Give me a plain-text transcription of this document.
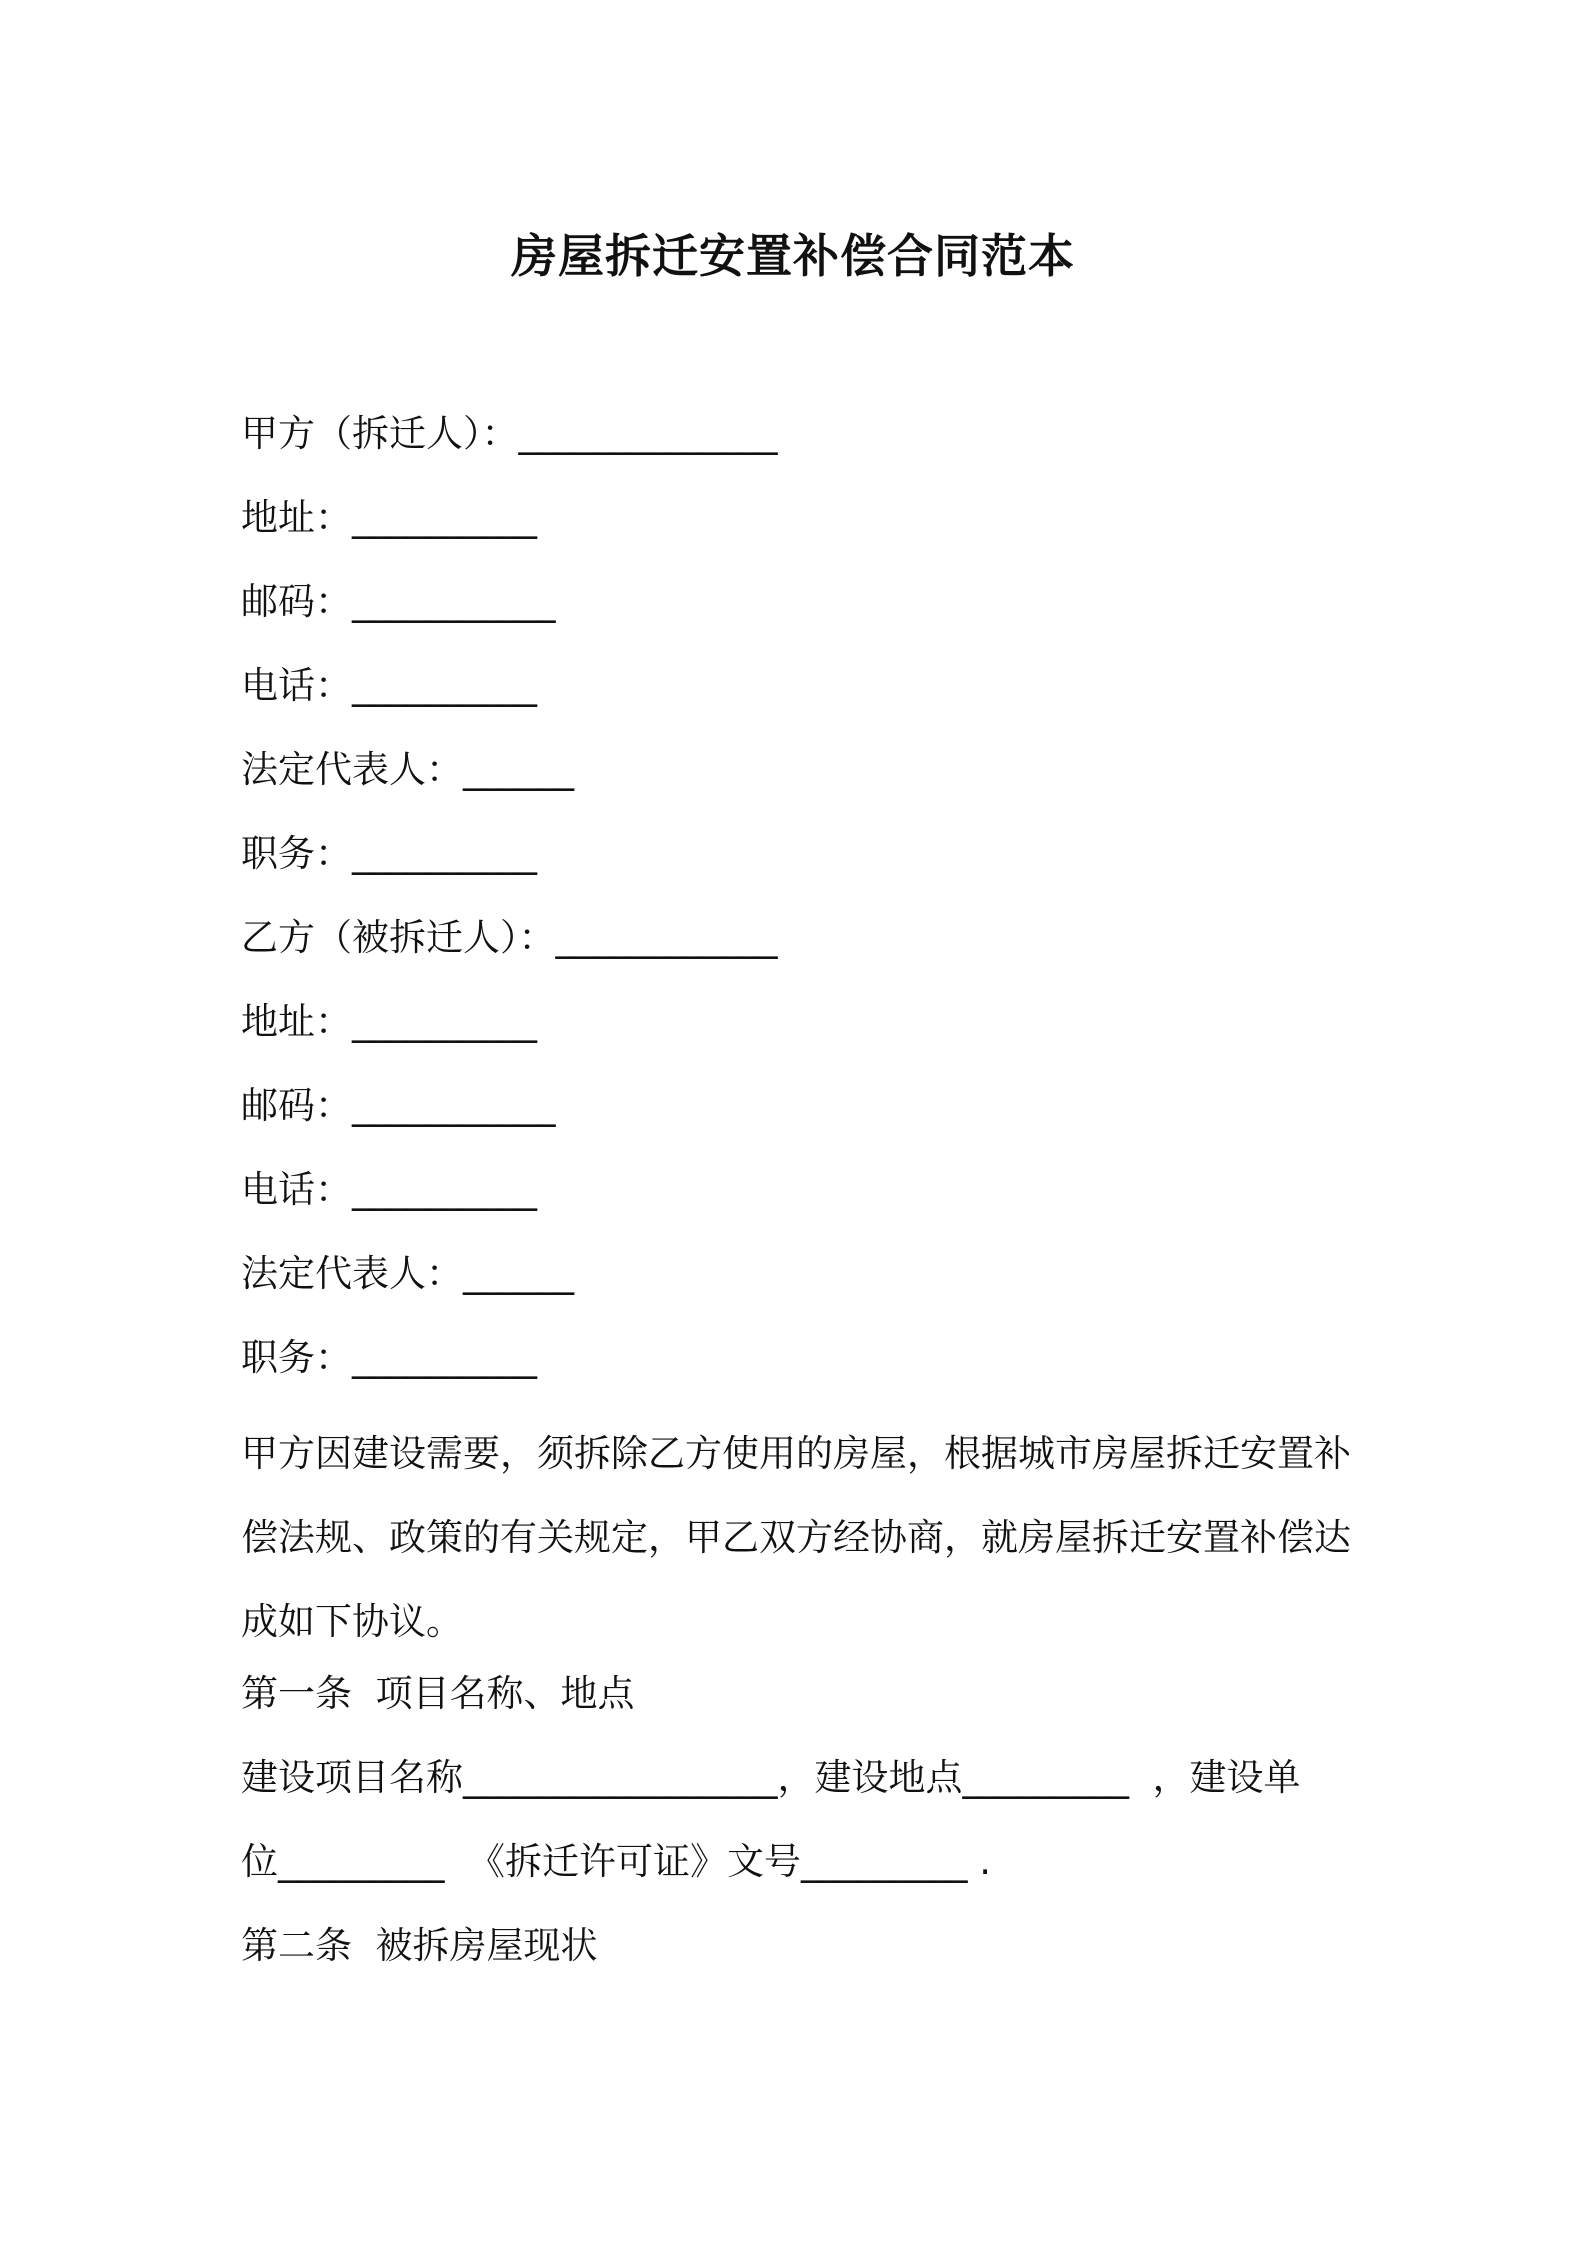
房屋拆迁安置补偿合同范本
甲方（拆迁人）：______________
地址：__________
邮码：___________
电话：__________
法定代表人：______
职务：__________
乙方（被拆迁人）：____________
地址：__________
邮码：___________
电话：__________
法定代表人：______
职务：__________
甲方因建设需要，须拆除乙方使用的房屋，根据城市房屋拆迁安置补偿法规、政策的有关规定，甲乙双方经协商，就房屋拆迁安置补偿达成如下协议。
第一条  项目名称、地点
建设项目名称_________________，建设地点_________  ，建设单
位_________  《拆迁许可证》文号_________ .
第二条  被拆房屋现状
